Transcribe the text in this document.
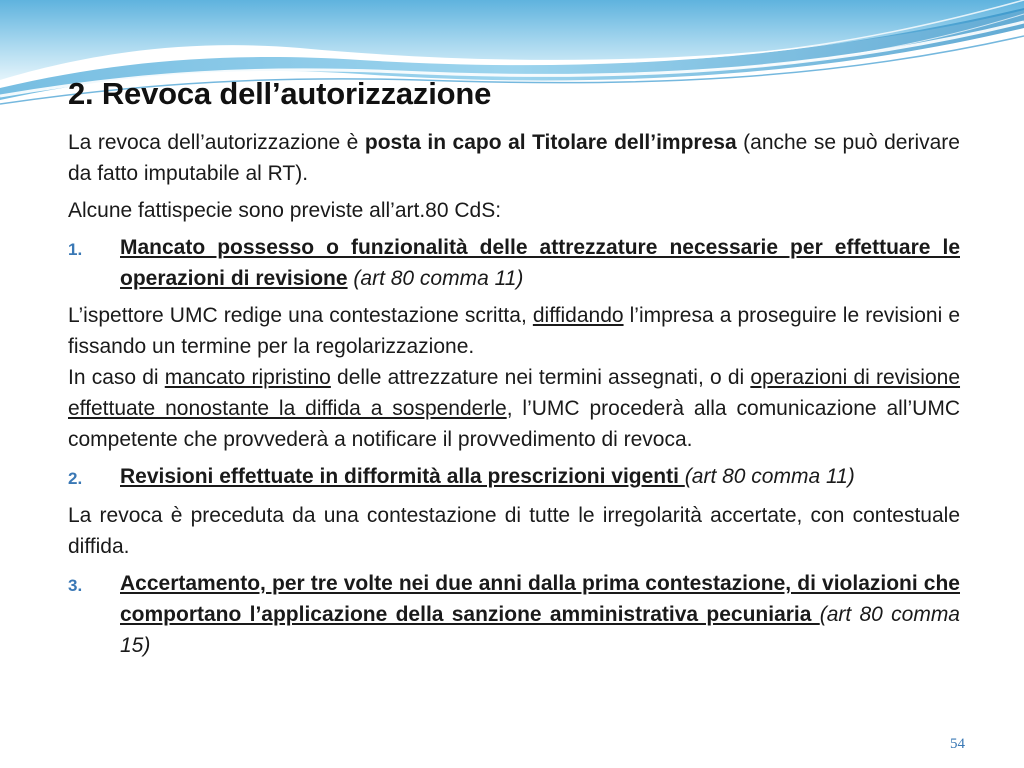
2. Revoca dell’autorizzazione

La revoca dell’autorizzazione è posta in capo al Titolare dell’impresa (anche se può derivare da fatto imputabile al RT).

Alcune fattispecie sono previste all’art.80 CdS:

1.	Mancato possesso o funzionalità delle attrezzature necessarie per effettuare le operazioni di revisione (art 80 comma 11)

L’ispettore UMC redige una contestazione scritta, diffidando l’impresa a proseguire le revisioni e fissando un termine per la regolarizzazione.

In caso di mancato ripristino delle attrezzature nei termini assegnati, o di operazioni di revisione effettuate nonostante la diffida a sospenderle, l’UMC procederà alla comunicazione all’UMC competente che provvederà a notificare il provvedimento di revoca.

2.	Revisioni effettuate in difformità alla prescrizioni vigenti (art 80 comma 11)

La revoca è preceduta da una contestazione di tutte le irregolarità accertate, con contestuale diffida.

3.	Accertamento, per tre volte nei due anni dalla prima contestazione, di violazioni che comportano l’applicazione della sanzione amministrativa pecuniaria (art 80 comma 15)
54
